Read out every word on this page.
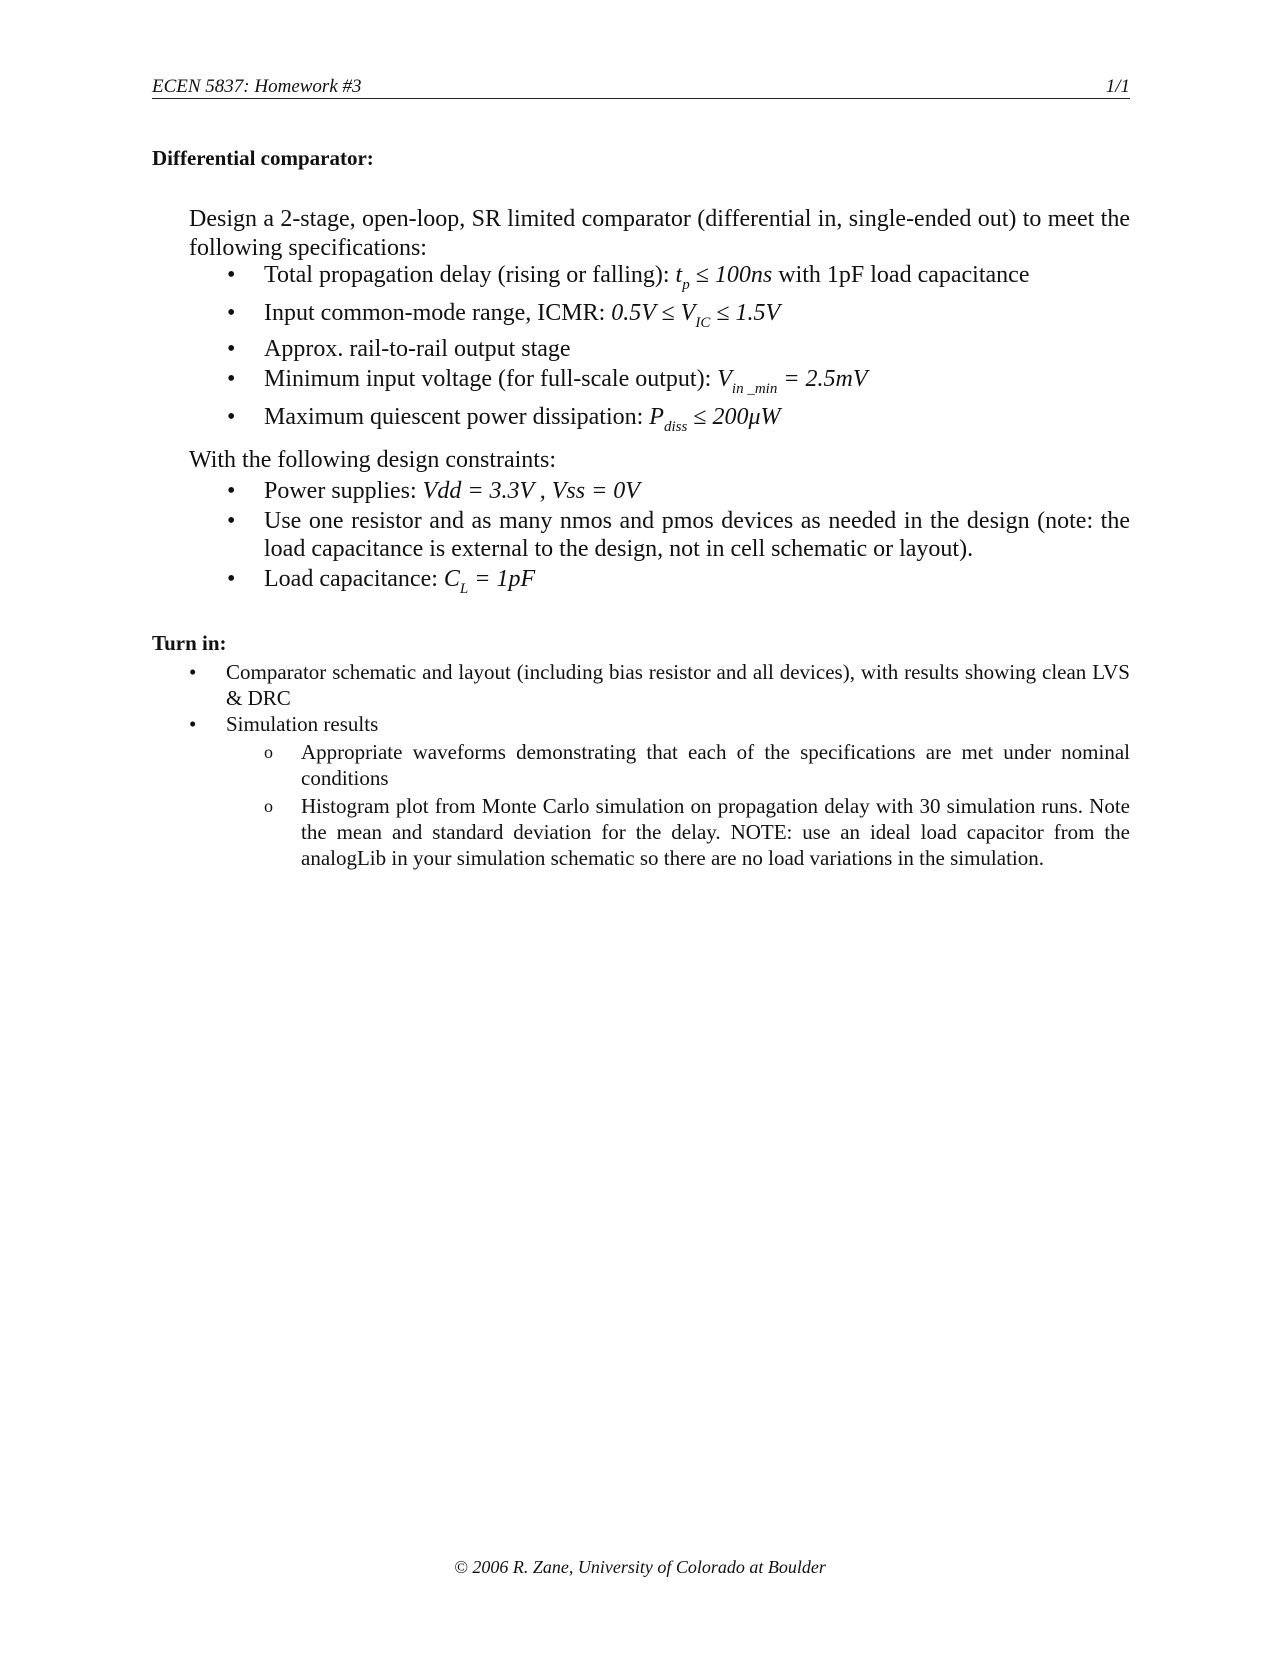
ECEN 5837: Homework #3	1/1
Differential comparator:
Design a 2-stage, open-loop, SR limited comparator (differential in, single-ended out) to meet the following specifications:
• Total propagation delay (rising or falling): $t_p \le 100ns$ with 1pF load capacitance
• Input common-mode range, ICMR: $0.5V \le V_{IC} \le 1.5V$
• Approx. rail-to-rail output stage
• Minimum input voltage (for full-scale output): $V_{in \_min} = 2.5mV$
• Maximum quiescent power dissipation: $P_{diss} \le 200\mu W$
With the following design constraints:
• Power supplies: Vdd = 3.3V , Vss = 0V
• Use one resistor and as many nmos and pmos devices as needed in the design (note: the load capacitance is external to the design, not in cell schematic or layout).
• Load capacitance: $C_L = 1pF$
Turn in:
• Comparator schematic and layout (including bias resistor and all devices), with results showing clean LVS & DRC
• Simulation results
o Appropriate waveforms demonstrating that each of the specifications are met under nominal conditions
o Histogram plot from Monte Carlo simulation on propagation delay with 30 simulation runs. Note the mean and standard deviation for the delay. NOTE: use an ideal load capacitor from the analogLib in your simulation schematic so there are no load variations in the simulation.
© 2006 R. Zane, University of Colorado at Boulder
